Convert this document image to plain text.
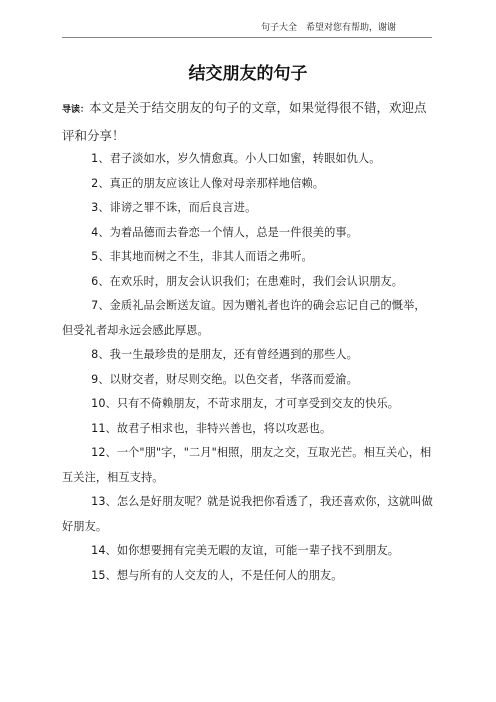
句子大全　希望对您有帮助，谢谢
结交朋友的句子
导读：本文是关于结交朋友的句子的文章，如果觉得很不错，欢迎点评和分享！
1、君子淡如水，岁久情愈真。小人口如蜜，转眼如仇人。
2、真正的朋友应该让人像对母亲那样地信赖。
3、诽谤之罪不诛，而后良言进。
4、为着品德而去眷恋一个情人，总是一件很美的事。
5、非其地而树之不生，非其人而语之弗听。
6、在欢乐时，朋友会认识我们；在患难时，我们会认识朋友。
7、金质礼品会断送友谊。因为赠礼者也许的确会忘记自己的慨举，但受礼者却永远会感此厚恩。
8、我一生最珍贵的是朋友，还有曾经遇到的那些人。
9、以财交者，财尽则交绝。以色交者，华落而爱渝。
10、只有不倚赖朋友，不苛求朋友，才可享受到交友的快乐。
11、故君子相求也，非特兴善也，将以攻恶也。
12、一个"朋"字，"二月"相照，朋友之交，互取光芒。相互关心，相互关注，相互支持。
13、怎么是好朋友呢？就是说我把你看透了，我还喜欢你，这就叫做好朋友。
14、如你想要拥有完美无暇的友谊，可能一辈子找不到朋友。
15、想与所有的人交友的人，不是任何人的朋友。
